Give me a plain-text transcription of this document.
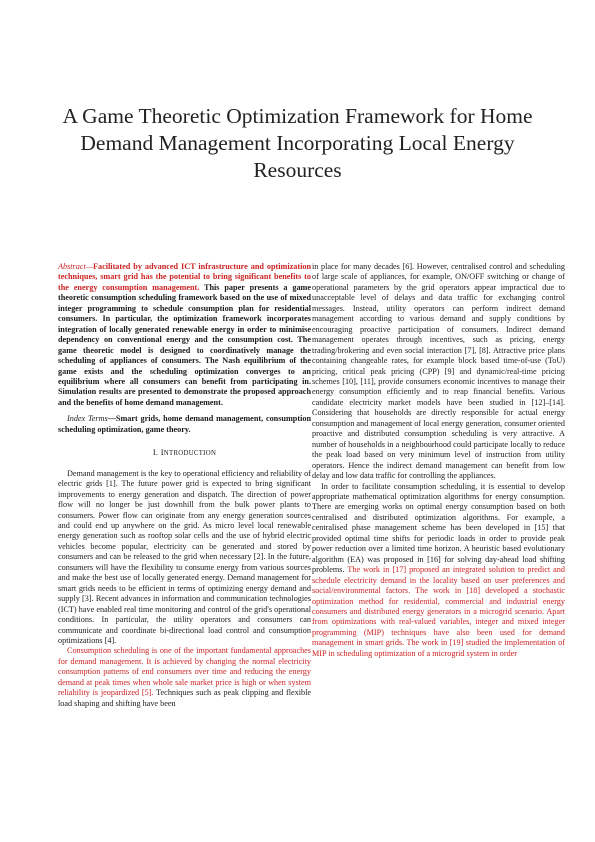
A Game Theoretic Optimization Framework for Home Demand Management Incorporating Local Energy Resources

Abstract—Facilitated by advanced ICT infrastructure and optimization techniques, smart grid has the potential to bring significant benefits to the energy consumption management. This paper presents a game theoretic consumption scheduling framework based on the use of mixed integer programming to schedule consumption plan for residential consumers. In particular, the optimization framework incorporates integration of locally generated renewable energy in order to minimise dependency on conventional energy and the consumption cost. The game theoretic model is designed to coordinatively manage the scheduling of appliances of consumers. The Nash equilibrium of the game exists and the scheduling optimization converges to an equilibrium where all consumers can benefit from participating in. Simulation results are presented to demonstrate the proposed approach and the benefits of home demand management.

Index Terms—Smart grids, home demand management, consumption scheduling optimization, game theory.

I. INTRODUCTION

Demand management is the key to operational efficiency and reliability of electric grids [1]. The future power grid is expected to bring significant improvements to energy generation and dispatch. The direction of power flow will no longer be just downhill from the bulk power plants to consumers. Power flow can originate from any energy generation sources and could end up anywhere on the grid. As micro level local renewable energy generation such as rooftop solar cells and the use of hybrid electric vehicles become popular, electricity can be generated and stored by consumers and can be released to the grid when necessary [2]. In the future, consumers will have the flexibility to consume energy from various sources and make the best use of locally generated energy. Demand management for smart grids needs to be efficient in terms of optimizing energy demand and supply [3]. Recent advances in information and communication technologies (ICT) have enabled real time monitoring and control of the grid's operational conditions. In particular, the utility operators and consumers can communicate and coordinate bi-directional load control and consumption optimizations [4].

Consumption scheduling is one of the important fundamental approaches for demand management. It is achieved by changing the normal electricity consumption patterns of end consumers over time and reducing the energy demand at peak times when whole sale market price is high or when system reliability is jeopardized [5]. Techniques such as peak clipping and flexible load shaping and shifting have been

in place for many decades [6]. However, centralised control and scheduling of large scale of appliances, for example, ON/OFF switching or change of operational parameters by the grid operators appear impractical due to unacceptable level of delays and data traffic for exchanging control messages. Instead, utility operators can perform indirect demand management according to various demand and supply conditions by encouraging proactive participation of consumers. Indirect demand management operates through incentives, such as pricing, energy trading/brokering and even social interaction [7], [8]. Attractive price plans containing changeable rates, for example block based time-of-use (ToU) pricing, critical peak pricing (CPP) [9] and dynamic/real-time pricing schemes [10], [11], provide consumers economic incentives to manage their energy consumption efficiently and to reap financial benefits. Various candidate electricity market models have been studied in [12]–[14]. Considering that households are directly responsible for actual energy consumption and management of local energy generation, consumer oriented proactive and distributed consumption scheduling is very attractive. A number of households in a neighbourhood could participate locally to reduce the peak load based on very minimum level of instruction from utility operators. Hence the indirect demand management can benefit from low delay and low data traffic for controlling the appliances.

In order to facilitate consumption scheduling, it is essential to develop appropriate mathematical optimization algorithms for energy consumption. There are emerging works on optimal energy consumption based on both centralised and distributed optimization algorithms. For example, a centralised phase management scheme has been developed in [15] that provided optimal time shifts for periodic loads in order to provide peak power reduction over a limited time horizon. A heuristic based evolutionary algorithm (EA) was proposed in [16] for solving day-ahead load shifting problems. The work in [17] proposed an integrated solution to predict and schedule electricity demand in the locality based on user preferences and social/environmental factors. The work in [18] developed a stochastic optimization method for residential, commercial and industrial energy consumers and distributed energy generators in a microgrid scenario. Apart from optimizations with real-valued variables, integer and mixed integer programming (MIP) techniques have also been used for demand management in smart grids. The work in [19] studied the implementation of MIP in scheduling optimization of a microgrid system in order
